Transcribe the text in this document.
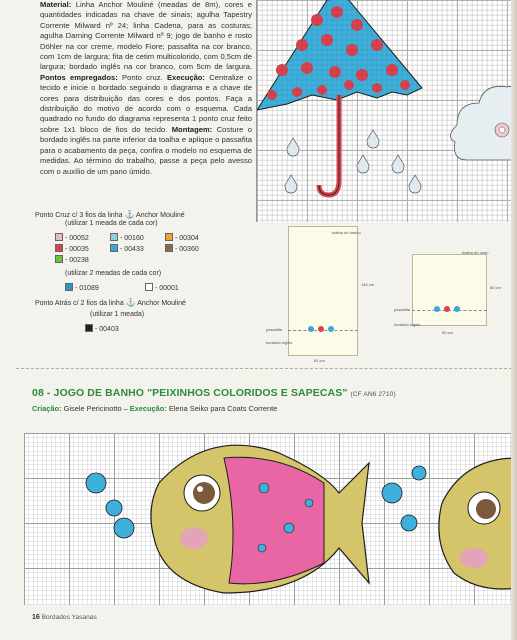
Material: Linha Anchor Mouliné (meadas de 8m), cores e quantidades indicadas na chave de sinais; agulha Tapestry Corrente Milward nº 24; linha Cadena, para as costuras; agulha Darning Corrente Milward nº 9; jogo de banho e rosto Döhler na cor creme, modelo Fiore; passafita na cor branco, com 1cm de largura; fita de cetim multicolorido, com 0,5cm de largura; bordado inglês na cor branco, com 5cm de largura. Pontos empregados: Ponto cruz. Execução: Centralize o tecido e inicie o bordado seguindo o diagrama e a chave de cores para distribuição das cores e dos pontos. Faça a distribuição do motivo de acordo com o esquema. Cada quadrado no fundo do diagrama representa 1 ponto cruz feito sobre 1x1 bloco de fios do tecido. Montagem: Costure o bordado inglês na parte inferior da toalha e aplique o passafita para o acabamento da peça, confira o modelo no esquema de medidas. Ao término do trabalho, passe a peça pelo avesso com o auxílio de um pano úmido.
Ponto Cruz c/ 3 fios da linha ⚓ Anchor Mouliné
(utilizar 1 meada de cada cor)
- 00052	- 00160	- 00304
- 00035	- 00433	- 00360
- 00238
(utilizar 2 meadas de cada cor)
- 01089	- 00001
Ponto Atrás c/ 2 fios da linha ⚓ Anchor Mouliné
(utilizar 1 meada)
- 00403
toalha de banho
passafita
bordado inglês
81 cm
140 cm
toalha de rosto
passafita
bordado inglês
50 cm
80 cm
08 - JOGO DE BANHO "PEIXINHOS COLORIDOS E SAPECAS" (CF AN6 2710)
Criação: Gisele Pericinotto – Execução: Elena Seiko para Coats Corrente
16 Bordados Yasanas
